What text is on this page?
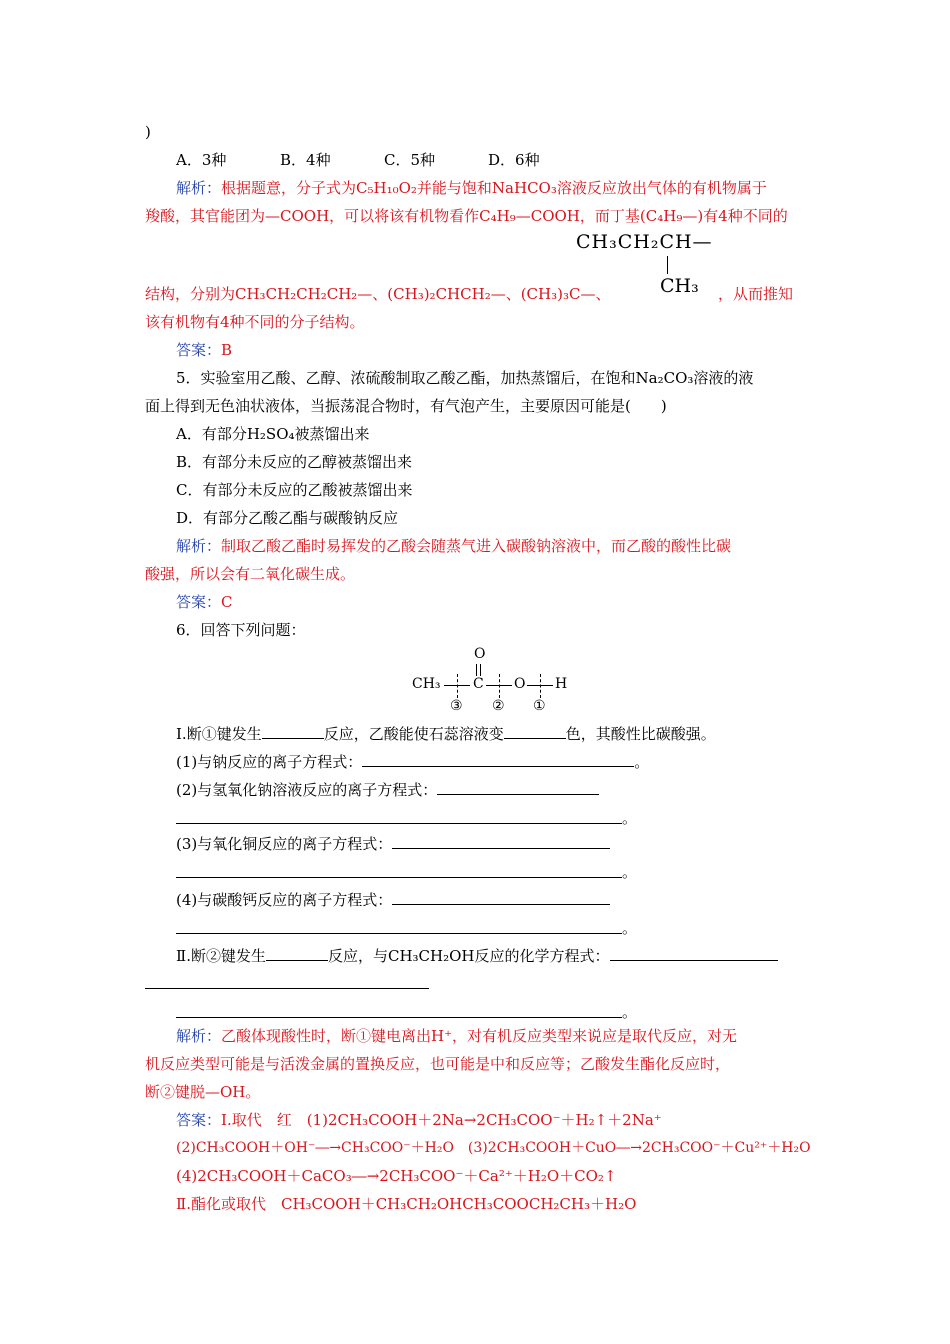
)
A．3种	B．4种	C．5种	D．6种
解析：根据题意，分子式为C₅H₁₀O₂并能与饱和NaHCO₃溶液反应放出气体的有机物属于
羧酸，其官能团为—COOH，可以将该有机物看作C₄H₉—COOH，而丁基(C₄H₉—)有4种不同的
CH₃CH₂CH—
CH₃
结构，分别为CH₃CH₂CH₂CH₂—、(CH₃)₂CHCH₂—、(CH₃)₃C—、	，从而推知
该有机物有4种不同的分子结构。
答案：B
5．实验室用乙酸、乙醇、浓硫酸制取乙酸乙酯，加热蒸馏后，在饱和Na₂CO₃溶液的液
面上得到无色油状液体，当振荡混合物时，有气泡产生，主要原因可能是(　　)
A．有部分H₂SO₄被蒸馏出来
B．有部分未反应的乙醇被蒸馏出来
C．有部分未反应的乙酸被蒸馏出来
D．有部分乙酸乙酯与碳酸钠反应
解析：制取乙酸乙酯时易挥发的乙酸会随蒸气进入碳酸钠溶液中，而乙酸的酸性比碳
酸强，所以会有二氧化碳生成。
答案：C
6．回答下列问题：
O
CH₃ C O H
③ ② ①
Ⅰ.断①键发生	反应，乙酸能使石蕊溶液变	色，其酸性比碳酸强。
(1)与钠反应的离子方程式：	。
(2)与氢氧化钠溶液反应的离子方程式：
。
(3)与氧化铜反应的离子方程式：
。
(4)与碳酸钙反应的离子方程式：
。
Ⅱ.断②键发生	反应，与CH₃CH₂OH反应的化学方程式：
。
解析：乙酸体现酸性时，断①键电离出H⁺，对有机反应类型来说应是取代反应，对无
机反应类型可能是与活泼金属的置换反应，也可能是中和反应等；乙酸发生酯化反应时，
断②键脱—OH。
答案：Ⅰ.取代　红　(1)2CH₃COOH＋2Na→2CH₃COO⁻＋H₂↑＋2Na⁺
(2)CH₃COOH＋OH⁻―→CH₃COO⁻＋H₂O　(3)2CH₃COOH＋CuO―→2CH₃COO⁻＋Cu²⁺＋H₂O
(4)2CH₃COOH＋CaCO₃―→2CH₃COO⁻＋Ca²⁺＋H₂O＋CO₂↑
Ⅱ.酯化或取代　CH₃COOH＋CH₃CH₂OHCH₃COOCH₂CH₃＋H₂O
